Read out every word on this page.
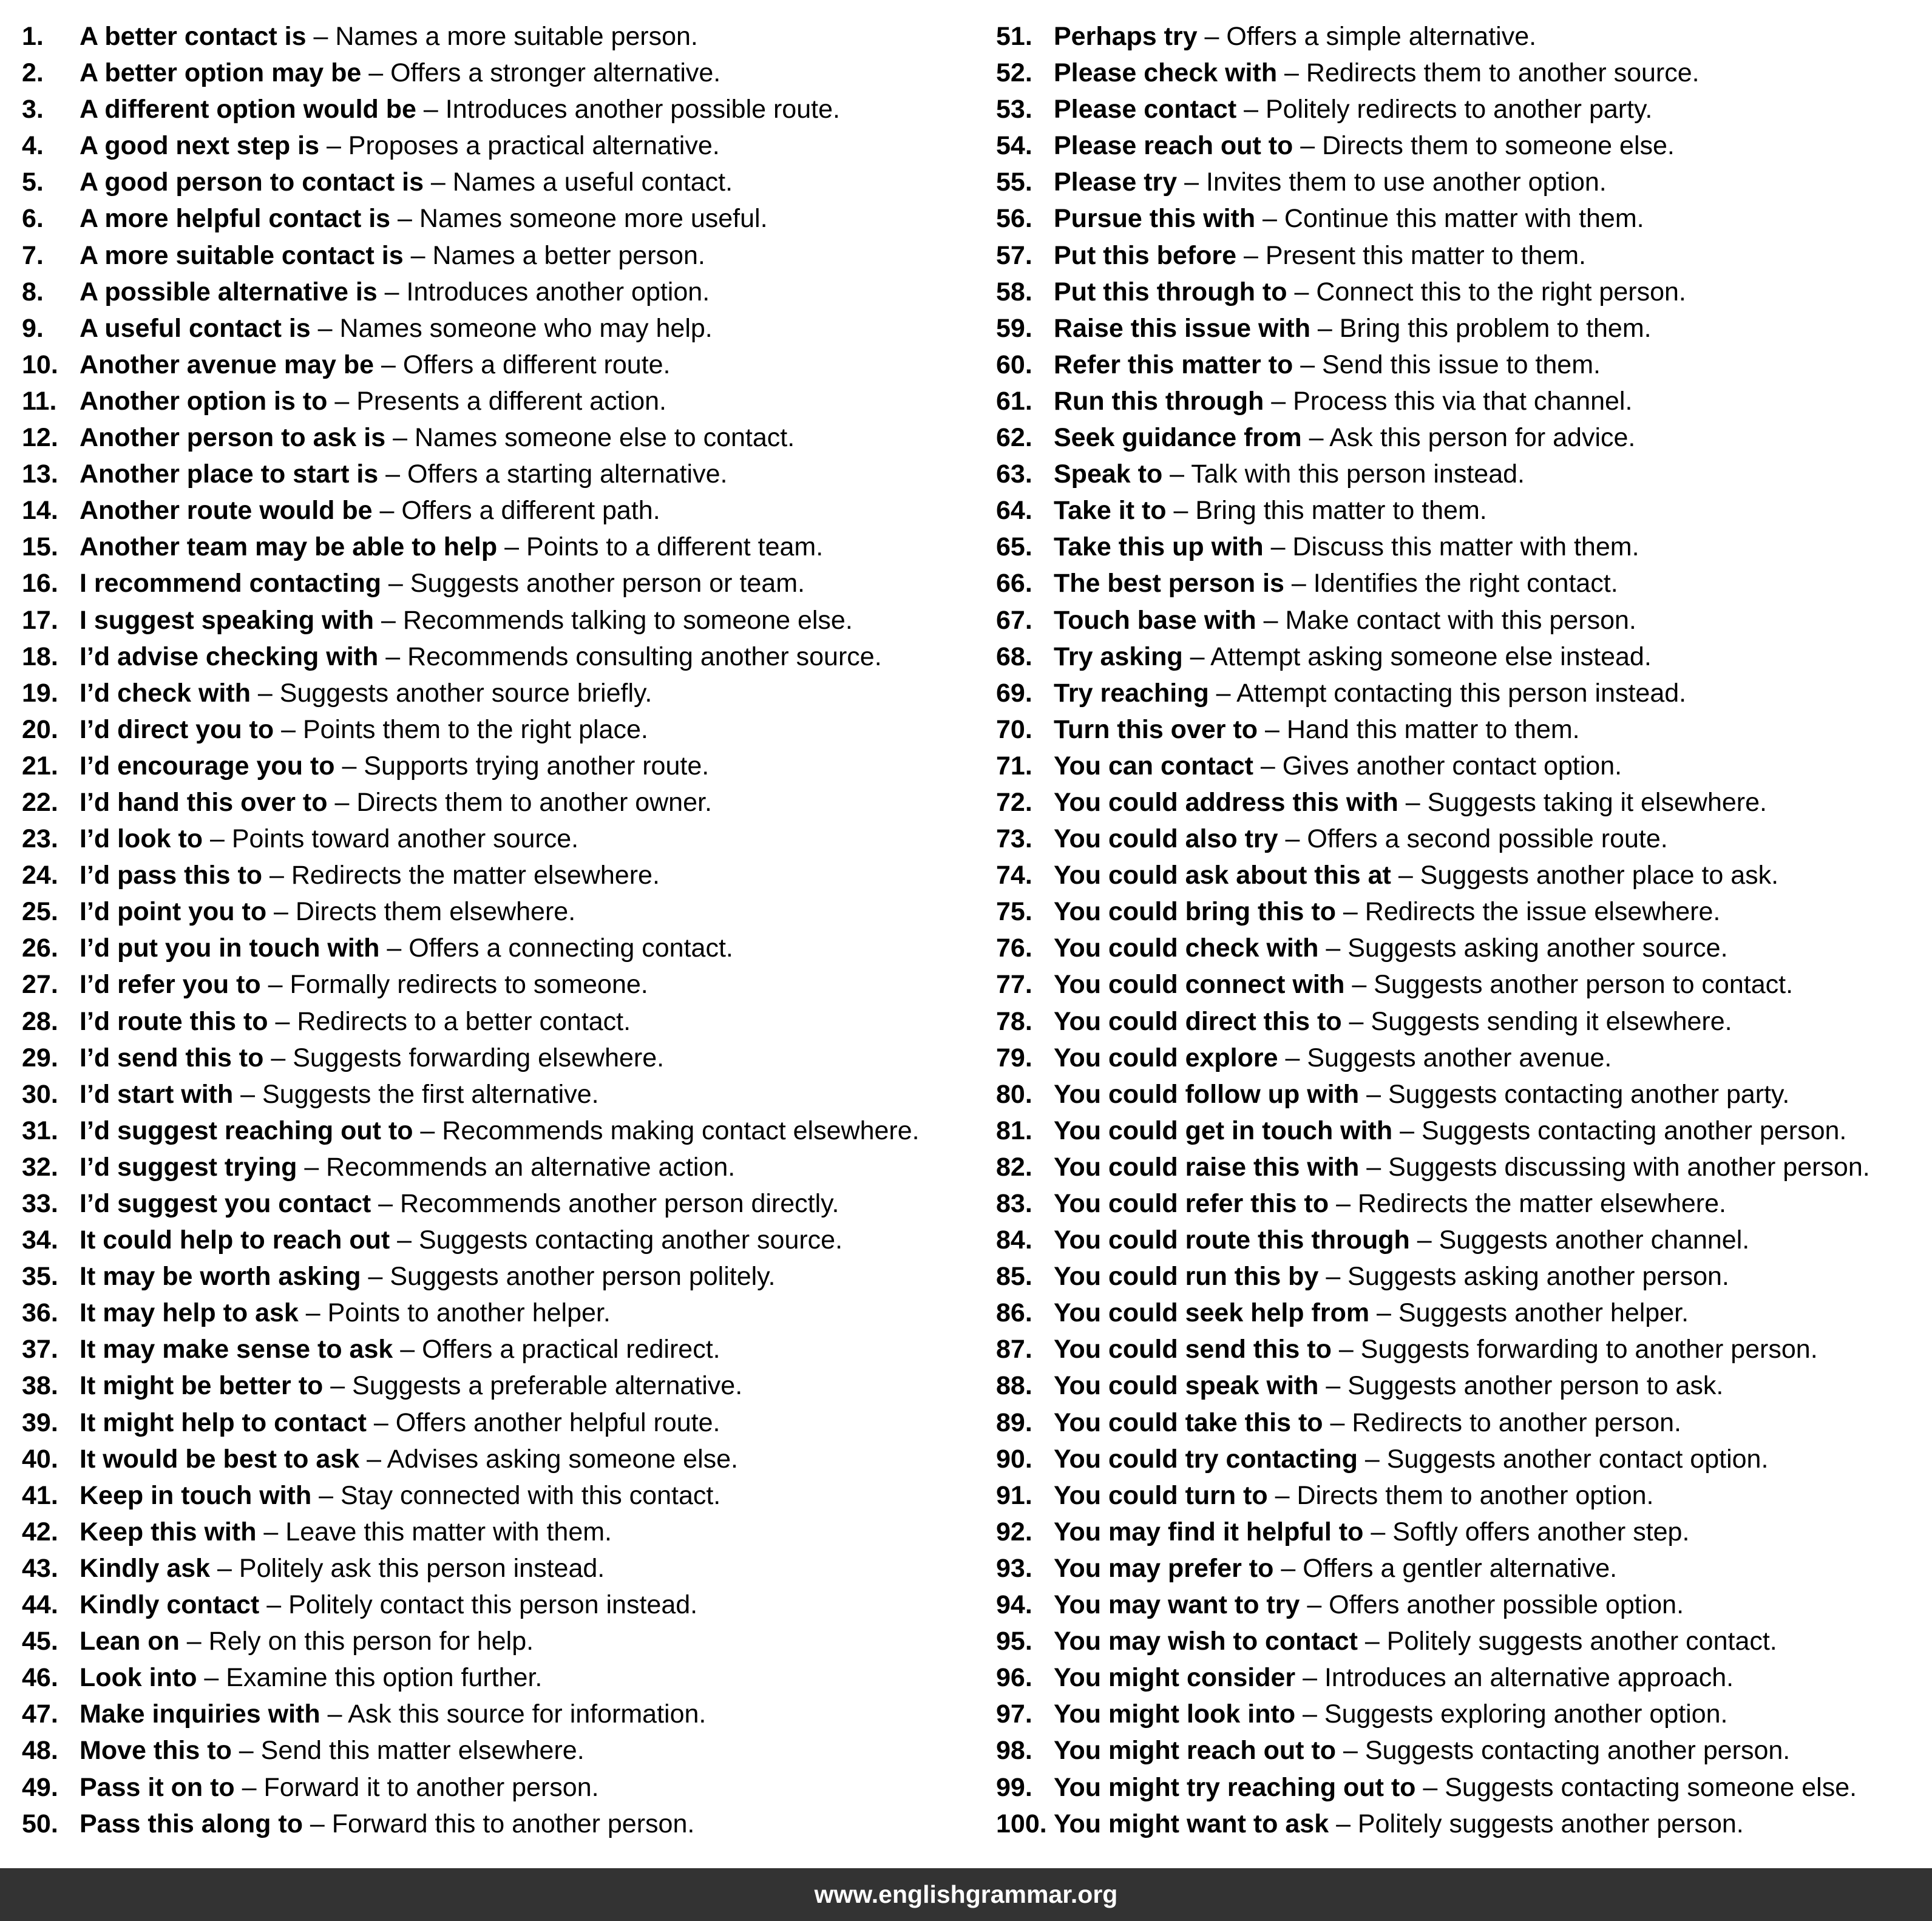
1. A better contact is – Names a more suitable person.
2. A better option may be – Offers a stronger alternative.
3. A different option would be – Introduces another possible route.
4. A good next step is – Proposes a practical alternative.
5. A good person to contact is – Names a useful contact.
6. A more helpful contact is – Names someone more useful.
7. A more suitable contact is – Names a better person.
8. A possible alternative is – Introduces another option.
9. A useful contact is – Names someone who may help.
10. Another avenue may be – Offers a different route.
11. Another option is to – Presents a different action.
12. Another person to ask is – Names someone else to contact.
13. Another place to start is – Offers a starting alternative.
14. Another route would be – Offers a different path.
15. Another team may be able to help – Points to a different team.
16. I recommend contacting – Suggests another person or team.
17. I suggest speaking with – Recommends talking to someone else.
18. I’d advise checking with – Recommends consulting another source.
19. I’d check with – Suggests another source briefly.
20. I’d direct you to – Points them to the right place.
21. I’d encourage you to – Supports trying another route.
22. I’d hand this over to – Directs them to another owner.
23. I’d look to – Points toward another source.
24. I’d pass this to – Redirects the matter elsewhere.
25. I’d point you to – Directs them elsewhere.
26. I’d put you in touch with – Offers a connecting contact.
27. I’d refer you to – Formally redirects to someone.
28. I’d route this to – Redirects to a better contact.
29. I’d send this to – Suggests forwarding elsewhere.
30. I’d start with – Suggests the first alternative.
31. I’d suggest reaching out to – Recommends making contact elsewhere.
32. I’d suggest trying – Recommends an alternative action.
33. I’d suggest you contact – Recommends another person directly.
34. It could help to reach out – Suggests contacting another source.
35. It may be worth asking – Suggests another person politely.
36. It may help to ask – Points to another helper.
37. It may make sense to ask – Offers a practical redirect.
38. It might be better to – Suggests a preferable alternative.
39. It might help to contact – Offers another helpful route.
40. It would be best to ask – Advises asking someone else.
41. Keep in touch with – Stay connected with this contact.
42. Keep this with – Leave this matter with them.
43. Kindly ask – Politely ask this person instead.
44. Kindly contact – Politely contact this person instead.
45. Lean on – Rely on this person for help.
46. Look into – Examine this option further.
47. Make inquiries with – Ask this source for information.
48. Move this to – Send this matter elsewhere.
49. Pass it on to – Forward it to another person.
50. Pass this along to – Forward this to another person.
51. Perhaps try – Offers a simple alternative.
52. Please check with – Redirects them to another source.
53. Please contact – Politely redirects to another party.
54. Please reach out to – Directs them to someone else.
55. Please try – Invites them to use another option.
56. Pursue this with – Continue this matter with them.
57. Put this before – Present this matter to them.
58. Put this through to – Connect this to the right person.
59. Raise this issue with – Bring this problem to them.
60. Refer this matter to – Send this issue to them.
61. Run this through – Process this via that channel.
62. Seek guidance from – Ask this person for advice.
63. Speak to – Talk with this person instead.
64. Take it to – Bring this matter to them.
65. Take this up with – Discuss this matter with them.
66. The best person is – Identifies the right contact.
67. Touch base with – Make contact with this person.
68. Try asking – Attempt asking someone else instead.
69. Try reaching – Attempt contacting this person instead.
70. Turn this over to – Hand this matter to them.
71. You can contact – Gives another contact option.
72. You could address this with – Suggests taking it elsewhere.
73. You could also try – Offers a second possible route.
74. You could ask about this at – Suggests another place to ask.
75. You could bring this to – Redirects the issue elsewhere.
76. You could check with – Suggests asking another source.
77. You could connect with – Suggests another person to contact.
78. You could direct this to – Suggests sending it elsewhere.
79. You could explore – Suggests another avenue.
80. You could follow up with – Suggests contacting another party.
81. You could get in touch with – Suggests contacting another person.
82. You could raise this with – Suggests discussing with another person.
83. You could refer this to – Redirects the matter elsewhere.
84. You could route this through – Suggests another channel.
85. You could run this by – Suggests asking another person.
86. You could seek help from – Suggests another helper.
87. You could send this to – Suggests forwarding to another person.
88. You could speak with – Suggests another person to ask.
89. You could take this to – Redirects to another person.
90. You could try contacting – Suggests another contact option.
91. You could turn to – Directs them to another option.
92. You may find it helpful to – Softly offers another step.
93. You may prefer to – Offers a gentler alternative.
94. You may want to try – Offers another possible option.
95. You may wish to contact – Politely suggests another contact.
96. You might consider – Introduces an alternative approach.
97. You might look into – Suggests exploring another option.
98. You might reach out to – Suggests contacting another person.
99. You might try reaching out to – Suggests contacting someone else.
100. You might want to ask – Politely suggests another person.
www.englishgrammar.org
